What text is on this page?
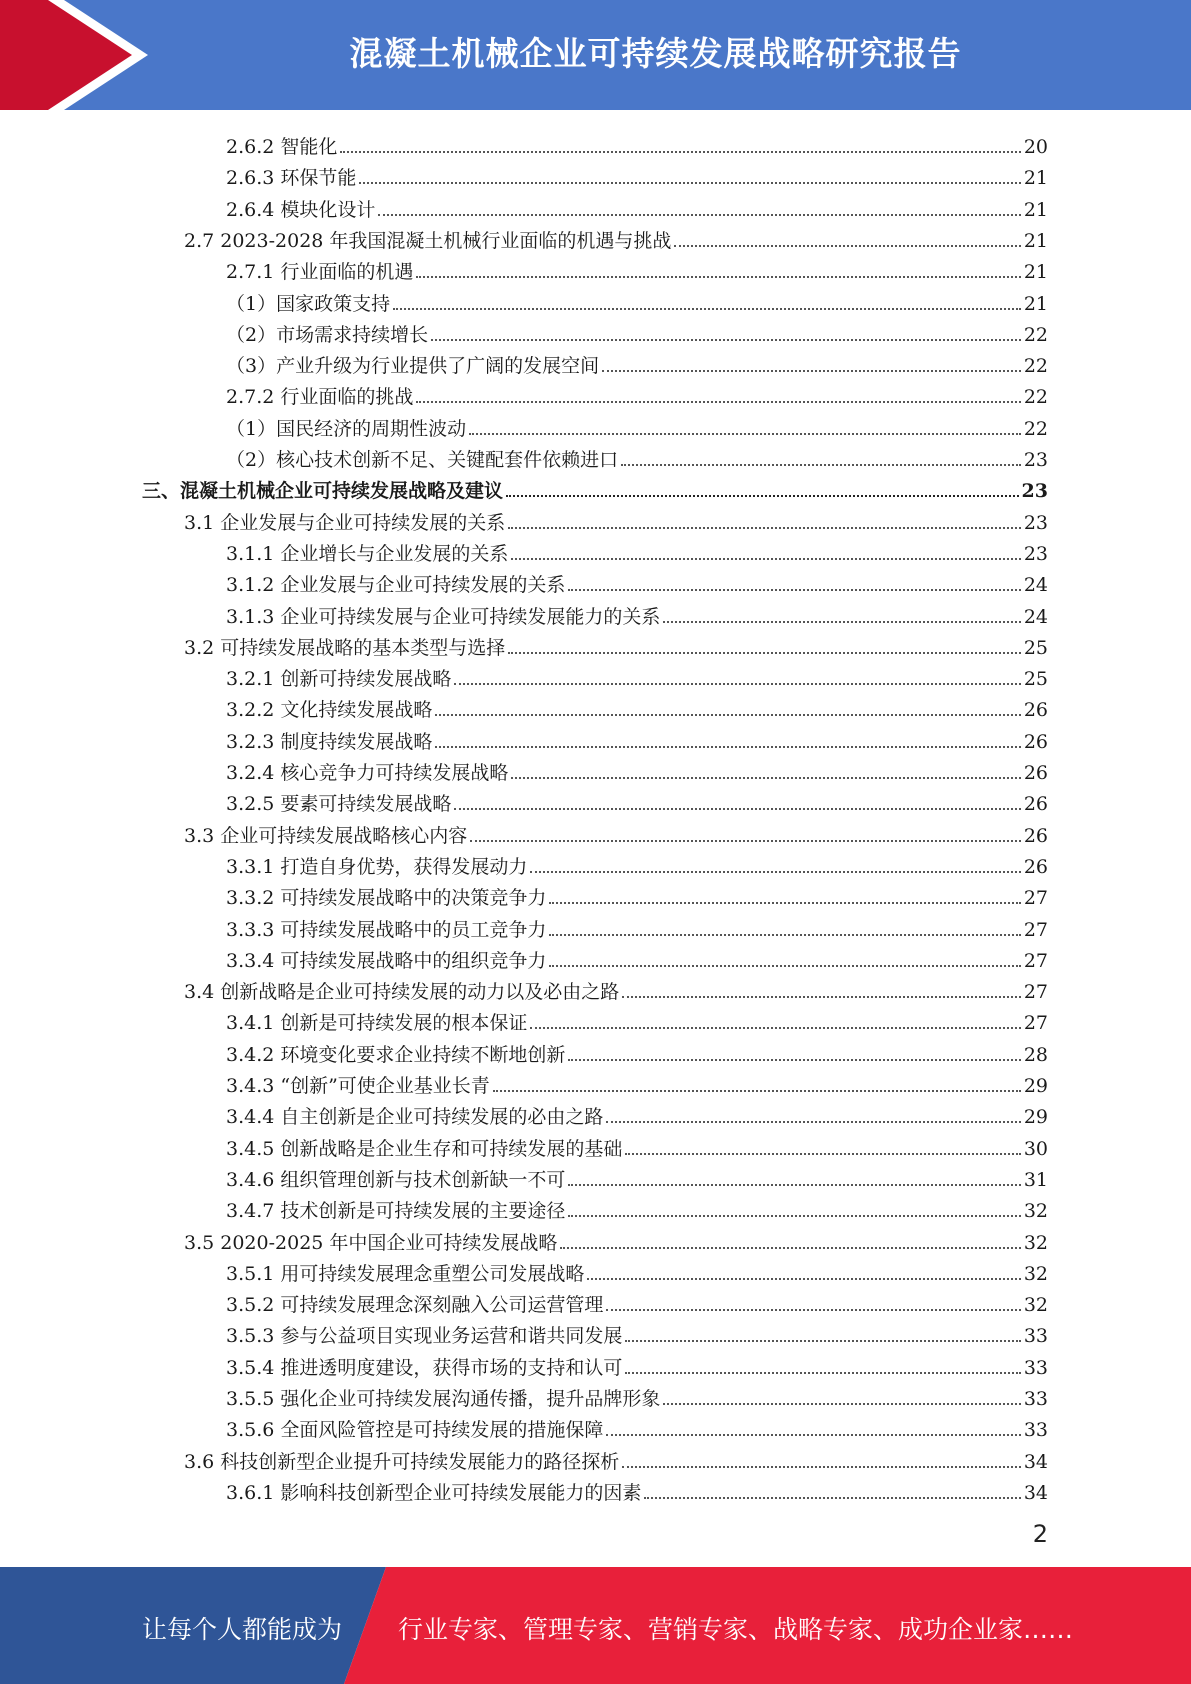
混凝土机械企业可持续发展战略研究报告
2.6.2 智能化	20
2.6.3 环保节能	21
2.6.4 模块化设计	21
2.7 2023-2028 年我国混凝土机械行业面临的机遇与挑战	21
2.7.1 行业面临的机遇	21
（1）国家政策支持	21
（2）市场需求持续增长	22
（3）产业升级为行业提供了广阔的发展空间	22
2.7.2 行业面临的挑战	22
（1）国民经济的周期性波动	22
（2）核心技术创新不足、关键配套件依赖进口	23
三、混凝土机械企业可持续发展战略及建议	23
3.1 企业发展与企业可持续发展的关系	23
3.1.1 企业增长与企业发展的关系	23
3.1.2 企业发展与企业可持续发展的关系	24
3.1.3 企业可持续发展与企业可持续发展能力的关系	24
3.2 可持续发展战略的基本类型与选择	25
3.2.1 创新可持续发展战略	25
3.2.2 文化持续发展战略	26
3.2.3 制度持续发展战略	26
3.2.4 核心竞争力可持续发展战略	26
3.2.5 要素可持续发展战略	26
3.3 企业可持续发展战略核心内容	26
3.3.1 打造自身优势，获得发展动力	26
3.3.2 可持续发展战略中的决策竞争力	27
3.3.3 可持续发展战略中的员工竞争力	27
3.3.4 可持续发展战略中的组织竞争力	27
3.4 创新战略是企业可持续发展的动力以及必由之路	27
3.4.1 创新是可持续发展的根本保证	27
3.4.2 环境变化要求企业持续不断地创新	28
3.4.3 “创新”可使企业基业长青	29
3.4.4 自主创新是企业可持续发展的必由之路	29
3.4.5 创新战略是企业生存和可持续发展的基础	30
3.4.6 组织管理创新与技术创新缺一不可	31
3.4.7 技术创新是可持续发展的主要途径	32
3.5 2020-2025 年中国企业可持续发展战略	32
3.5.1 用可持续发展理念重塑公司发展战略	32
3.5.2 可持续发展理念深刻融入公司运营管理	32
3.5.3 参与公益项目实现业务运营和谐共同发展	33
3.5.4 推进透明度建设，获得市场的支持和认可	33
3.5.5 强化企业可持续发展沟通传播，提升品牌形象	33
3.5.6 全面风险管控是可持续发展的措施保障	33
3.6 科技创新型企业提升可持续发展能力的路径探析	34
3.6.1 影响科技创新型企业可持续发展能力的因素	34
2
让每个人都能成为 行业专家、管理专家、营销专家、战略专家、成功企业家……
